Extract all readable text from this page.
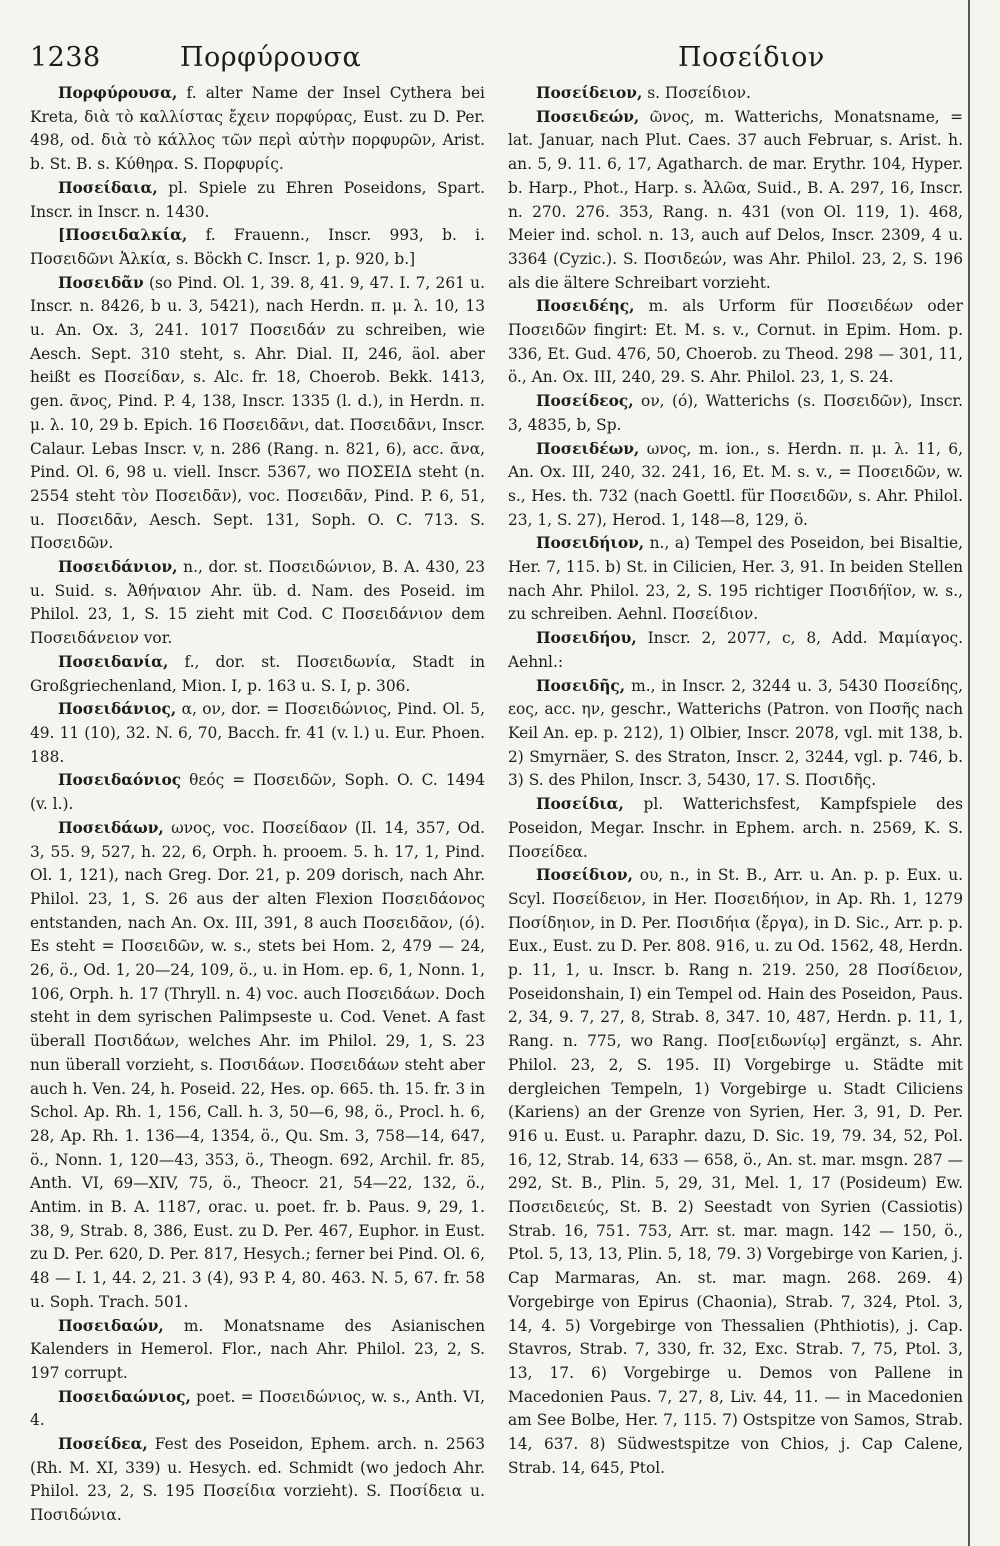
1238	Πορφύρουσα	Ποσείδιον

Πορφύρουσα, f. alter Name der Insel Cythera bei Kreta, διὰ τὸ καλλίστας ἔχειν πορφύρας, Eust. zu D. Per. 498, od. διὰ τὸ κάλλος τῶν περὶ αὐτὴν πορφυρῶν, Arist. b. St. B. s. Κύθηρα. S. Πορφυρίς.

Ποσείδαια, pl. Spiele zu Ehren Poseidons, Spart. Inscr. in Inscr. n. 1430.

[Ποσειδαλκία, f. Frauenn., Inscr. 993, b. i. Ποσειδῶνι Ἀλκία, s. Böckh C. Inscr. 1, p. 920, b.]

Ποσειδᾶν (so Pind. Ol. 1, 39. 8, 41. 9, 47. I. 7, 261 u. Inscr. n. 8426, b u. 3, 5421), nach Herdn. π. μ. λ. 10, 13 u. An. Ox. 3, 241. 1017 Ποσειδάν zu schreiben, wie Aesch. Sept. 310 steht, s. Ahr. Dial. II, 246, äol. aber heißt es Ποσείδαν, s. Alc. fr. 18, Choerob. Bekk. 1413, gen. ᾶνος, Pind. P. 4, 138, Inscr. 1335 (l. d.), in Herdn. π. μ. λ. 10, 29 b. Epich. 16 Ποσειδᾶνι, dat. Ποσειδᾶνι, Inscr. Calaur. Lebas Inscr. v, n. 286 (Rang. n. 821, 6), acc. ᾶνα, Pind. Ol. 6, 98 u. viell. Inscr. 5367, wo ΠΟΣΕΙΔ steht (n. 2554 steht τὸν Ποσειδᾶν), voc. Ποσειδᾶν, Pind. P. 6, 51, u. Ποσειδᾶν, Aesch. Sept. 131, Soph. O. C. 713. S. Ποσειδῶν.

Ποσειδάνιον, n., dor. st. Ποσειδώνιον, B. A. 430, 23 u. Suid. s. Ἀθήναιον Ahr. üb. d. Nam. des Poseid. im Philol. 23, 1, S. 15 zieht mit Cod. C Ποσειδάνιον dem Ποσειδάνειον vor.

Ποσειδανία, f., dor. st. Ποσειδωνία, Stadt in Großgriechenland, Mion. I, p. 163 u. S. I, p. 306.

Ποσειδάνιος, α, ον, dor. = Ποσειδώνιος, Pind. Ol. 5, 49. 11 (10), 32. N. 6, 70, Bacch. fr. 41 (v. l.) u. Eur. Phoen. 188.

Ποσειδαόνιος θεός = Ποσειδῶν, Soph. O. C. 1494 (v. l.).

Ποσειδάων, ωνος, voc. Ποσείδαον (Il. 14, 357, Od. 3, 55. 9, 527, h. 22, 6, Orph. h. prooem. 5. h. 17, 1, Pind. Ol. 1, 121), nach Greg. Dor. 21, p. 209 dorisch, nach Ahr. Philol. 23, 1, S. 26 aus der alten Flexion Ποσειδάονος entstanden, nach An. Ox. III, 391, 8 auch Ποσειδᾶον, (ό). Es steht = Ποσειδῶν, w. s., stets bei Hom. 2, 479 — 24, 26, ö., Od. 1, 20—24, 109, ö., u. in Hom. ep. 6, 1, Nonn. 1, 106, Orph. h. 17 (Thryll. n. 4) voc. auch Ποσειδάων. Doch steht in dem syrischen Palimpseste u. Cod. Venet. A fast überall Ποσιδάων, welches Ahr. im Philol. 29, 1, S. 23 nun überall vorzieht, s. Ποσιδάων. Ποσειδάων steht aber auch h. Ven. 24, h. Poseid. 22, Hes. op. 665. th. 15. fr. 3 in Schol. Ap. Rh. 1, 156, Call. h. 3, 50—6, 98, ö., Procl. h. 6, 28, Ap. Rh. 1. 136—4, 1354, ö., Qu. Sm. 3, 758—14, 647, ö., Nonn. 1, 120—43, 353, ö., Theogn. 692, Archil. fr. 85, Anth. VI, 69—XIV, 75, ö., Theocr. 21, 54—22, 132, ö., Antim. in B. A. 1187, orac. u. poet. fr. b. Paus. 9, 29, 1. 38, 9, Strab. 8, 386, Eust. zu D. Per. 467, Euphor. in Eust. zu D. Per. 620, D. Per. 817, Hesych.; ferner bei Pind. Ol. 6, 48 — I. 1, 44. 2, 21. 3 (4), 93 P. 4, 80. 463. N. 5, 67. fr. 58 u. Soph. Trach. 501.

Ποσειδαών, m. Monatsname des Asianischen Kalenders in Hemerol. Flor., nach Ahr. Philol. 23, 2, S. 197 corrupt.

Ποσειδαώνιος, poet. = Ποσειδώνιος, w. s., Anth. VI, 4.

Ποσείδεα, Fest des Poseidon, Ephem. arch. n. 2563 (Rh. M. XI, 339) u. Hesych. ed. Schmidt (wo jedoch Ahr. Philol. 23, 2, S. 195 Ποσείδια vorzieht). S. Ποσίδεια u. Ποσιδώνια.

Ποσείδειον, s. Ποσείδιον.

Ποσειδεών, ῶνος, m. Watterichs, Monatsname, = lat. Januar, nach Plut. Caes. 37 auch Februar, s. Arist. h. an. 5, 9. 11. 6, 17, Agatharch. de mar. Erythr. 104, Hyper. b. Harp., Phot., Harp. s. Ἀλῶα, Suid., B. A. 297, 16, Inscr. n. 270. 276. 353, Rang. n. 431 (von Ol. 119, 1). 468, Meier ind. schol. n. 13, auch auf Delos, Inscr. 2309, 4 u. 3364 (Cyzic.). S. Ποσιδεών, was Ahr. Philol. 23, 2, S. 196 als die ältere Schreibart vorzieht.

Ποσειδέης, m. als Urform für Ποσειδέων oder Ποσειδῶν fingirt: Et. M. s. v., Cornut. in Epim. Hom. p. 336, Et. Gud. 476, 50, Choerob. zu Theod. 298 — 301, 11, ö., An. Ox. III, 240, 29. S. Ahr. Philol. 23, 1, S. 24.

Ποσείδεος, ον, (ό), Watterichs (s. Ποσειδῶν), Inscr. 3, 4835, b, Sp.

Ποσειδέων, ωνος, m. ion., s. Herdn. π. μ. λ. 11, 6, An. Ox. III, 240, 32. 241, 16, Et. M. s. v., = Ποσειδῶν, w. s., Hes. th. 732 (nach Goettl. für Ποσειδῶν, s. Ahr. Philol. 23, 1, S. 27), Herod. 1, 148—8, 129, ö.

Ποσειδήιον, n., a) Tempel des Poseidon, bei Bisaltie, Her. 7, 115. b) St. in Cilicien, Her. 3, 91. In beiden Stellen nach Ahr. Philol. 23, 2, S. 195 richtiger Ποσιδήϊον, w. s., zu schreiben. Aehnl. Ποσείδιον.

Ποσειδήου, Inscr. 2, 2077, c, 8, Add. Μαμίαγος. Aehnl.:

Ποσειδῆς, m., in Inscr. 2, 3244 u. 3, 5430 Ποσείδης, εος, acc. ην, geschr., Watterichs (Patron. von Ποσῆς nach Keil An. ep. p. 212), 1) Olbier, Inscr. 2078, vgl. mit 138, b. 2) Smyrnäer, S. des Straton, Inscr. 2, 3244, vgl. p. 746, b. 3) S. des Philon, Inscr. 3, 5430, 17. S. Ποσιδῆς.

Ποσείδια, pl. Watterichsfest, Kampfspiele des Poseidon, Megar. Inschr. in Ephem. arch. n. 2569, K. S. Ποσείδεα.

Ποσείδιον, ου, n., in St. B., Arr. u. An. p. p. Eux. u. Scyl. Ποσείδειον, in Her. Ποσειδήιον, in Ap. Rh. 1, 1279 Ποσίδηιον, in D. Per. Ποσιδήια (ἔργα), in D. Sic., Arr. p. p. Eux., Eust. zu D. Per. 808. 916, u. zu Od. 1562, 48, Herdn. p. 11, 1, u. Inscr. b. Rang n. 219. 250, 28 Ποσίδειον, Poseidonshain, I) ein Tempel od. Hain des Poseidon, Paus. 2, 34, 9. 7, 27, 8, Strab. 8, 347. 10, 487, Herdn. p. 11, 1, Rang. n. 775, wo Rang. Ποσ[ειδωνίῳ] ergänzt, s. Ahr. Philol. 23, 2, S. 195. II) Vorgebirge u. Städte mit dergleichen Tempeln, 1) Vorgebirge u. Stadt Ciliciens (Kariens) an der Grenze von Syrien, Her. 3, 91, D. Per. 916 u. Eust. u. Paraphr. dazu, D. Sic. 19, 79. 34, 52, Pol. 16, 12, Strab. 14, 633 — 658, ö., An. st. mar. msgn. 287 — 292, St. B., Plin. 5, 29, 31, Mel. 1, 17 (Posideum) Ew. Ποσειδειεύς, St. B. 2) Seestadt von Syrien (Cassiotis) Strab. 16, 751. 753, Arr. st. mar. magn. 142 — 150, ö., Ptol. 5, 13, 13, Plin. 5, 18, 79. 3) Vorgebirge von Karien, j. Cap Marmaras, An. st. mar. magn. 268. 269. 4) Vorgebirge von Epirus (Chaonia), Strab. 7, 324, Ptol. 3, 14, 4. 5) Vorgebirge von Thessalien (Phthiotis), j. Cap. Stavros, Strab. 7, 330, fr. 32, Exc. Strab. 7, 75, Ptol. 3, 13, 17. 6) Vorgebirge u. Demos von Pallene in Macedonien Paus. 7, 27, 8, Liv. 44, 11. — in Macedonien am See Bolbe, Her. 7, 115. 7) Ostspitze von Samos, Strab. 14, 637. 8) Südwestspitze von Chios, j. Cap Calene, Strab. 14, 645, Ptol.
